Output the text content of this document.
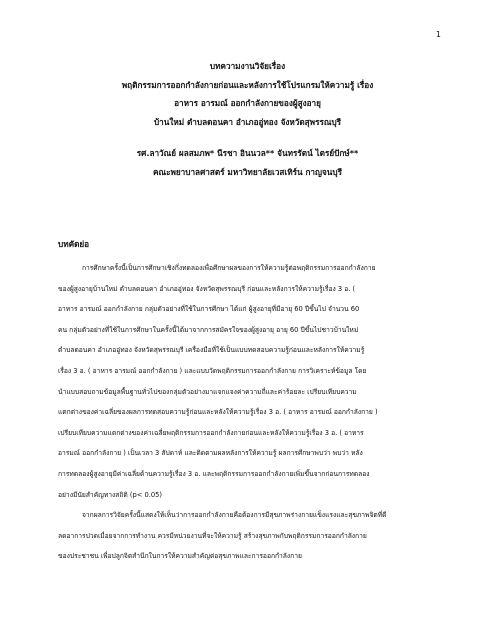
1
บทความงานวิจัยเรื่อง
พฤติกรรมการออกกำลังกายก่อนและหลังการใช้โปรแกรมให้ความรู้ เรื่อง
อาหาร อารมณ์ ออกกำลังกายของผู้สูงอายุ
บ้านใหม่ ตำบลดอนคา อำเภออู่ทอง จังหวัดสุพรรณบุรี
รศ.ลาวัณย์ ผลสมภพ* นีรชา อินนวล** จันทรรัตน์ ไตรย์ปักษ์**
คณะพยาบาลศาสตร์ มหาวิทยาลัยเวสเทิร์น กาญจนบุรี
บทคัดย่อ
การศึกษาครั้งนี้เป็นการศึกษาเชิงกึ่งทดลองเพื่อศึกษาผลของการให้ความรู้ต่อพฤติกรรมการออกกำลังกาย
ของผู้สูงอายุบ้านใหม่ ตำบลดอนคา อำเภออู่ทอง จังหวัดสุพรรณบุรี ก่อนและหลังการให้ความรู้เรื่อง 3 อ. (
อาหาร อารมณ์ ออกกำลังกาย กลุ่มตัวอย่างที่ใช้ในการศึกษา ได้แก่ ผู้สูงอายุที่มีอายุ 60 ปีขึ้นไป จำนวน 60
คน กลุ่มตัวอย่างที่ใช้ในการศึกษาในครั้งนี้ได้มาจากการสมัครใจของผู้สูงอายุ อายุ 60 ปีขึ้นไปชาวบ้านใหม่
ตำบลดอนคา อำเภออู่ทอง จังหวัดสุพรรณบุรี เครื่องมือที่ใช้เป็นแบบทดสอบความรู้ก่อนและหลังการให้ความรู้
เรื่อง 3 อ. ( อาหาร อารมณ์ ออกกำลังกาย ) และแบบวัดพฤติกรรมการออกกำลังกาย การวิเคราะห์ข้อมูล โดย
นำแบบสอบถามข้อมูลพื้นฐานทั่วไปของกลุ่มตัวอย่างมาแจกแจงค่าความถี่และค่าร้อยละ เปรียบเทียบความ
แตกต่างของค่าเฉลี่ยของผลการทดสอบความรู้ก่อนและหลังให้ความรู้เรื่อง 3 อ. ( อาหาร อารมณ์ ออกกำลังกาย )
เปรียบเทียบความแตกต่างของค่าเฉลี่ยพฤติกรรมการออกกำลังกายก่อนและหลังให้ความรู้เรื่อง 3 อ. ( อาหาร
อารมณ์ ออกกำลังกาย ) เป็นเวลา 3 สัปดาห์ และติดตามผลหลังการให้ความรู้ ผลการศึกษาพบว่า พบว่า หลัง
การทดลองผู้สูงอายุมีค่าเฉลี่ยด้านความรู้เรื่อง 3 อ. และพฤติกรรมการออกกำลังกายเพิ่มขึ้นจากก่อนการทดลอง
อย่างมีนัยสำคัญทางสถิติ (p< 0.05)
จากผลการวิจัยครั้งนี้แสดงให้เห็นว่าการออกกำลังกายคือต้องการมีสุขภาพร่างกายแข็งแรงและสุขภาพจิตที่ดี
ลดอาการปวดเมื่อยจากการทำงาน ควรมีหน่วยงานที่จะให้ความรู้ สร้างสุขภาพกับพฤติกรรมการออกกำลังกาย
ของประชาชน เพื่อปลูกจิตสำนึกในการให้ความสำคัญต่อสุขภาพและการออกกำลังกาย
